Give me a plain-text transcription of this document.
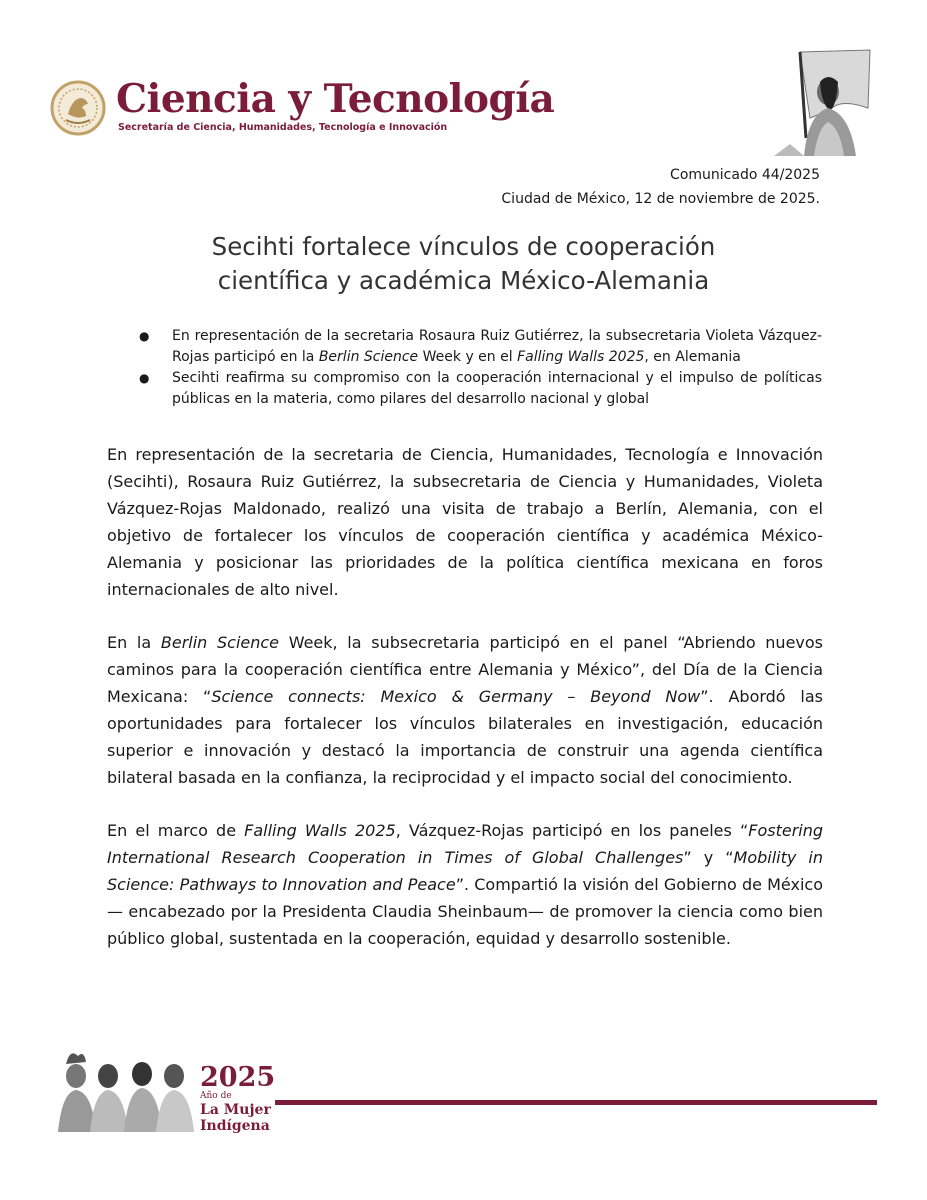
Ciencia y Tecnología
Secretaría de Ciencia, Humanidades, Tecnología e Innovación
Comunicado 44/2025
Ciudad de México, 12 de noviembre de 2025.
Secihti fortalece vínculos de cooperación
científica y académica México-Alemania
● En representación de la secretaria Rosaura Ruiz Gutiérrez, la subsecretaria Violeta Vázquez-Rojas participó en la Berlin Science Week y en el Falling Walls 2025, en Alemania
● Secihti reafirma su compromiso con la cooperación internacional y el impulso de políticas públicas en la materia, como pilares del desarrollo nacional y global

En representación de la secretaria de Ciencia, Humanidades, Tecnología e Innovación (Secihti), Rosaura Ruiz Gutiérrez, la subsecretaria de Ciencia y Humanidades, Violeta Vázquez-Rojas Maldonado, realizó una visita de trabajo a Berlín, Alemania, con el objetivo de fortalecer los vínculos de cooperación científica y académica México-Alemania y posicionar las prioridades de la política científica mexicana en foros internacionales de alto nivel.

En la Berlin Science Week, la subsecretaria participó en el panel “Abriendo nuevos caminos para la cooperación científica entre Alemania y México”, del Día de la Ciencia Mexicana: “Science connects: Mexico & Germany – Beyond Now”. Abordó las oportunidades para fortalecer los vínculos bilaterales en investigación, educación superior e innovación y destacó la importancia de construir una agenda científica bilateral basada en la confianza, la reciprocidad y el impacto social del conocimiento.

En el marco de Falling Walls 2025, Vázquez-Rojas participó en los paneles “Fostering International Research Cooperation in Times of Global Challenges” y “Mobility in Science: Pathways to Innovation and Peace”. Compartió la visión del Gobierno de México — encabezado por la Presidenta Claudia Sheinbaum— de promover la ciencia como bien público global, sustentada en la cooperación, equidad y desarrollo sostenible.

2025
Año de
La Mujer
Indígena
